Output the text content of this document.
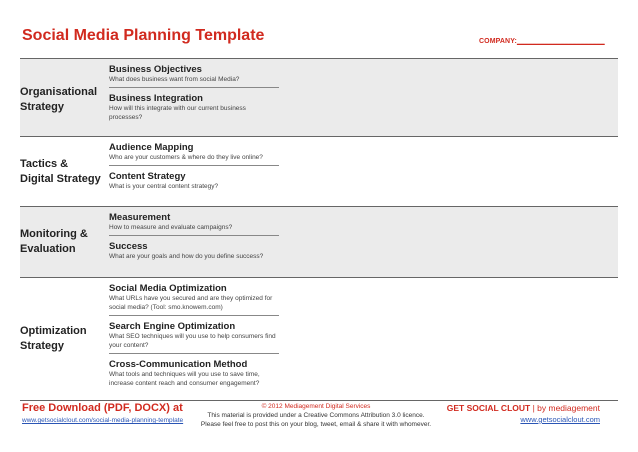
Social Media Planning Template	COMPANY:______________________
Organisational
Strategy
Business Objectives
What does business want from social Media?
Business Integration
How will this integrate with our current business processes?
Tactics &
Digital Strategy
Audience Mapping
Who are your customers & where do they live online?
Content Strategy
What is your central content strategy?
Monitoring &
Evaluation
Measurement
How to measure and evaluate campaigns?
Success
What are your goals and how do you define success?
Optimization
Strategy
Social Media Optimization
What URLs have you secured and are they optimized for social media? (Tool: smo.knowem.com)
Search Engine Optimization
What SEO techniques will you use to help consumers find your content?
Cross-Communication Method
What tools and techniques will you use to save time, increase content reach and consumer engagement?
Free Download (PDF, DOCX) at
www.getsocialclout.com/social-media-planning-template
© 2012 Mediagement Digital Services
This material is provided under a Creative Commons Attribution 3.0 licence.
Please feel free to post this on your blog, tweet, email & share it with whomever.
GET SOCIAL CLOUT | by mediagement
www.getsocialclout.com
